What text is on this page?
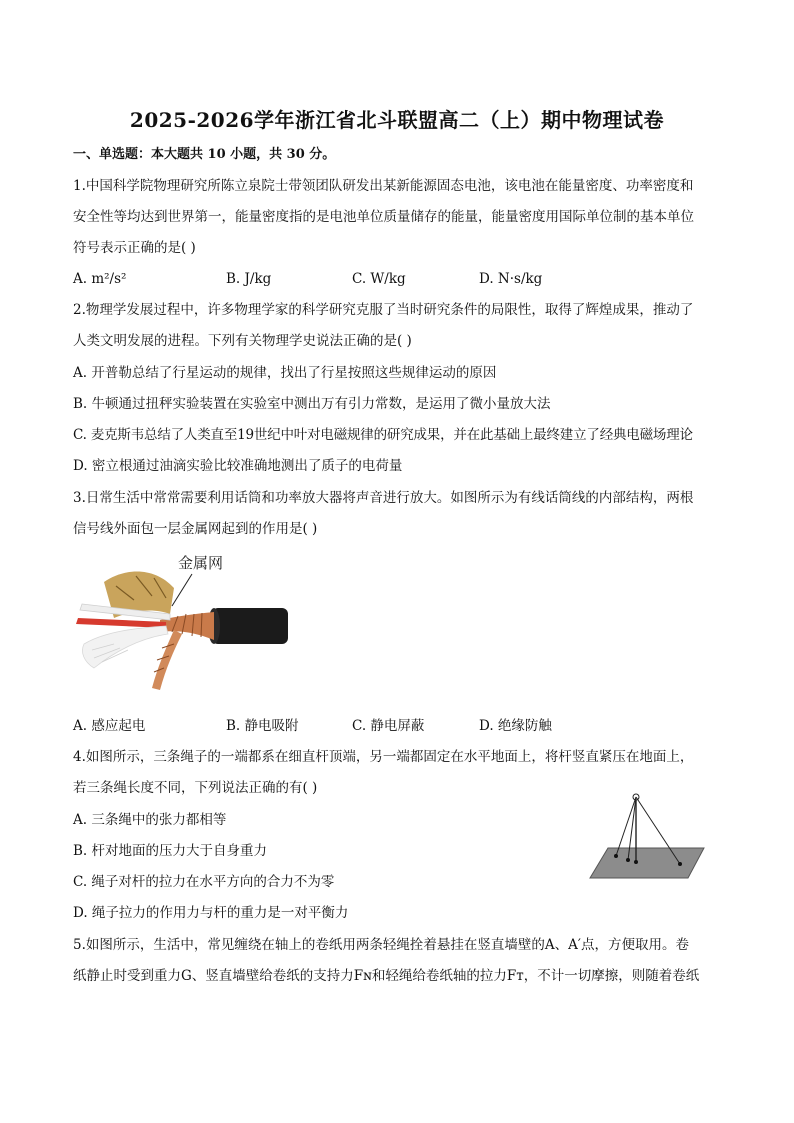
2025-2026学年浙江省北斗联盟高二（上）期中物理试卷
一、单选题：本大题共 10 小题，共 30 分。
1.中国科学院物理研究所陈立泉院士带领团队研发出某新能源固态电池，该电池在能量密度、功率密度和
安全性等均达到世界第一，能量密度指的是电池单位质量储存的能量，能量密度用国际单位制的基本单位
符号表示正确的是( )
A. m²/s²	B. J/kg	C. W/kg	D. N·s/kg
2.物理学发展过程中，许多物理学家的科学研究克服了当时研究条件的局限性，取得了辉煌成果，推动了
人类文明发展的进程。下列有关物理学史说法正确的是( )
A. 开普勒总结了行星运动的规律，找出了行星按照这些规律运动的原因
B. 牛顿通过扭秤实验装置在实验室中测出万有引力常数，是运用了微小量放大法
C. 麦克斯韦总结了人类直至19世纪中叶对电磁规律的研究成果，并在此基础上最终建立了经典电磁场理论
D. 密立根通过油滴实验比较准确地测出了质子的电荷量
3.日常生活中常常需要利用话筒和功率放大器将声音进行放大。如图所示为有线话筒线的内部结构，两根
信号线外面包一层金属网起到的作用是( )
金属网
A. 感应起电	B. 静电吸附	C. 静电屏蔽	D. 绝缘防触
4.如图所示，三条绳子的一端都系在细直杆顶端，另一端都固定在水平地面上，将杆竖直紧压在地面上，
若三条绳长度不同，下列说法正确的有( )
A. 三条绳中的张力都相等
B. 杆对地面的压力大于自身重力
C. 绳子对杆的拉力在水平方向的合力不为零
D. 绳子拉力的作用力与杆的重力是一对平衡力
5.如图所示，生活中，常见缠绕在轴上的卷纸用两条轻绳拴着悬挂在竖直墙壁的A、A′点，方便取用。卷
纸静止时受到重力G、竖直墙壁给卷纸的支持力Fɴ和轻绳给卷纸轴的拉力Fᴛ，不计一切摩擦，则随着卷纸
